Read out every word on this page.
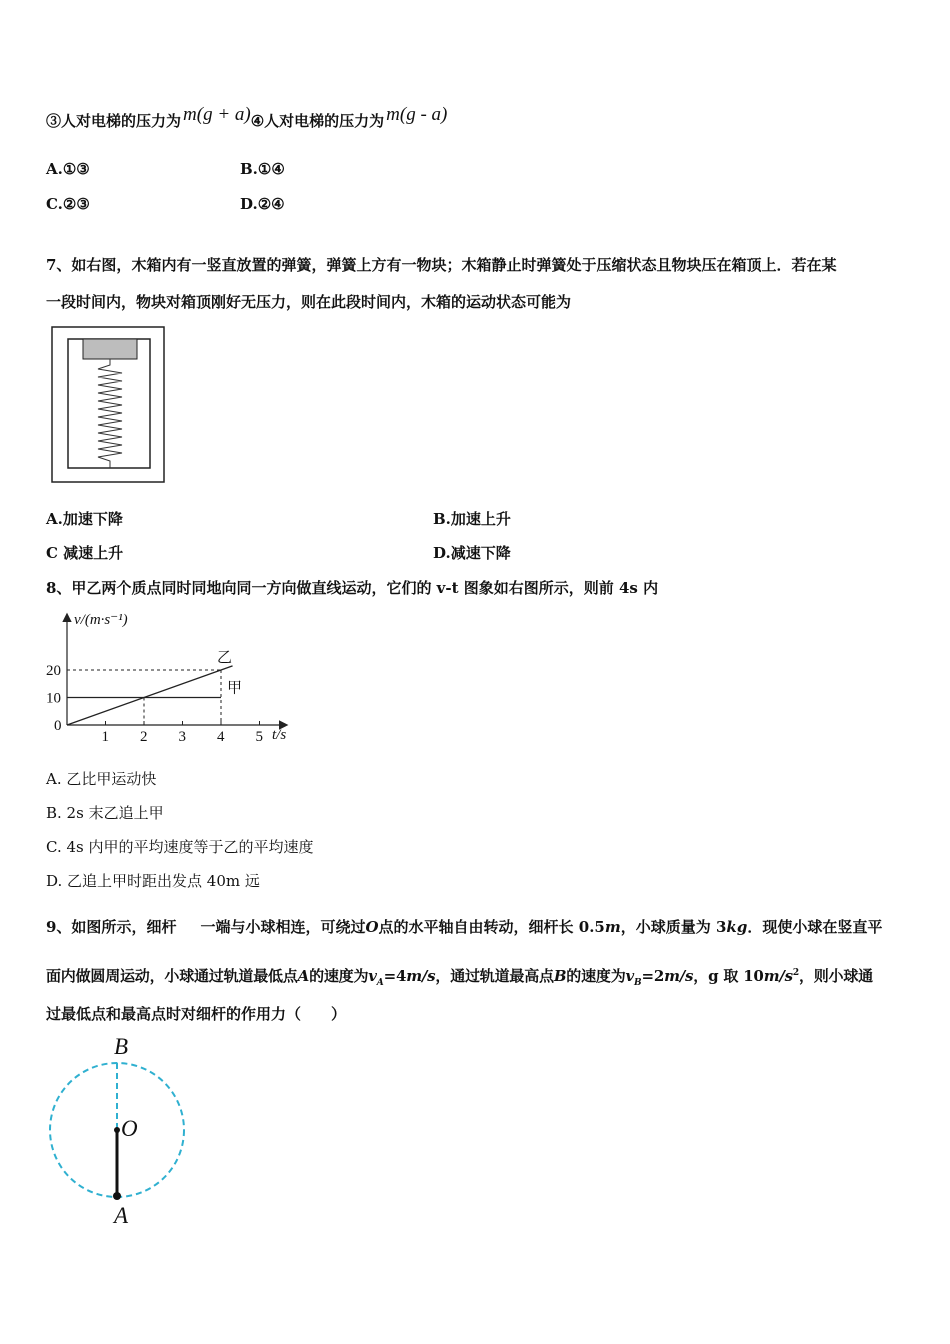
③人对电梯的压力为 m(g + a)④人对电梯的压力为 m(g - a)
A.①③	B.①④
C.②③	D.②④
7、如右图，木箱内有一竖直放置的弹簧，弹簧上方有一物块；木箱静止时弹簧处于压缩状态且物块压在箱顶上．若在某
一段时间内，物块对箱顶刚好无压力，则在此段时间内，木箱的运动状态可能为
A.加速下降	B.加速上升
C 减速上升	D.减速下降
8、甲乙两个质点同时同地向同一方向做直线运动，它们的 v-t 图象如右图所示，则前 4s 内
v/(m·s⁻¹)
t/s
1 2 3 4 5
0
10
20
乙
甲
A. 乙比甲运动快
B. 2s 末乙追上甲
C. 4s 内甲的平均速度等于乙的平均速度
D. 乙追上甲时距出发点 40m 远
9、如图所示，细杆 一端与小球相连，可绕过O点的水平轴自由转动，细杆长 0.5m，小球质量为 3kg．现使小球在竖直平
面内做圆周运动，小球通过轨道最低点A的速度为$v_A=4m/s$，通过轨道最高点B的速度为$v_B=2m/s$，g 取 $10m/s^2$，则小球通
过最低点和最高点时对细杆的作用力（　　）
B
O
A
